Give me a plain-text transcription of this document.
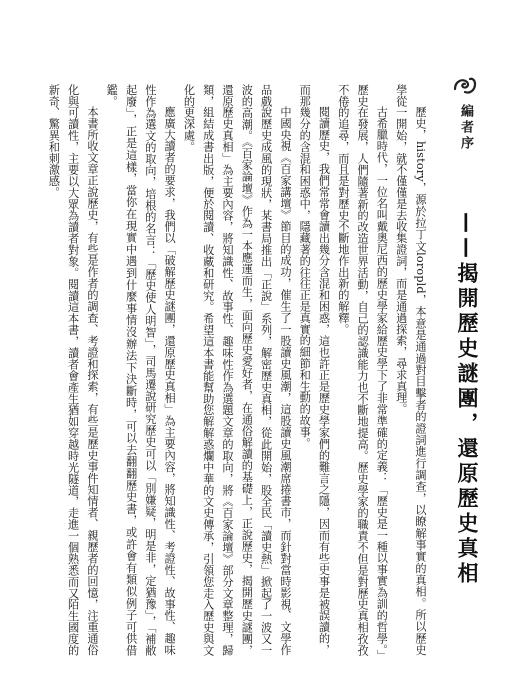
編者序
——揭開歷史謎團，還原歷史真相

歷史，history，源於拉丁文loropld，本意是通過對目擊者的證詞進行調查，以瞭解事實的真相。所以歷史學從一開始，就不僅僅是去收集證詞，而是通過探索，尋求真理。

古希臘時代，一位名叫戴奧尼西的歷史學家給歷史學下了非常準確的定義：「歷史是一種以事實為訓的哲學。」歷史在發展，人們隨著新的改造世界活動，自己的認識能力也不斷地提高。歷史學家的職責不但是對歷史真相孜孜不倦的追尋，而且是對歷史不斷地作出新的解釋。

閱讀歷史，我們常常會讀出幾分含混和困惑，這也許正是歷史學家們的難言之隱，因而有些史事是被誤讀的，而那幾分的含混和困惑中，隱藏著的往往正是真實的細節和生動的故事。

中國央視《百家講壇》節目的成功，催生了一股讀史風潮，這股讀史風潮席捲書市，而針對當時影視、文學作品戲說歷史成風的現狀，某書局推出「正說」系列，解密歷史真相，從此開始，股全民「讀史熱」掀起了一波又一波的高潮。《百家論壇》作為一本應運而生，面向歷史愛好者，在通俗解讀的基礎上，正說歷史，揭開歷史謎團，還原歷史真相」為主要內容，將知識性、故事性、趣味性作為選題文章的取向，將《百家論壇》部分文章整理，歸類，組結成書出版，便於閱讀、收藏和研究。希望這本書能幫助您解解惑爛中華的文史傳承，引領您走入歷史與文化的更深處。

應廣大讀者的要求，我們以「破解歷史謎團，還原歷史真相」為主要內容，將知識性、考證性、故事性、趣味性作為選文的取向，培根的名言：「歷史使人明智」，司馬遷說研究歷史可以「別嫌疑，明是非，定猶豫」，「補敝起廢」，正是這樣，當你在現實中遇到什麼事情沒辦法下決斷時，可以去翻翻歷史書，或許會有類似例子可供借鑑。

本書所收文章正說歷史，有些是作者的調查、考證和探索，有些是歷史事件知情者、親歷者的回憶，注重通俗化與可讀性，主要以大眾為讀者對象。閱讀這本書，讀者會產生猶如穿越時光隧道，走進一個熟悉而又陌生國度的新奇、驚異和刺激感。
